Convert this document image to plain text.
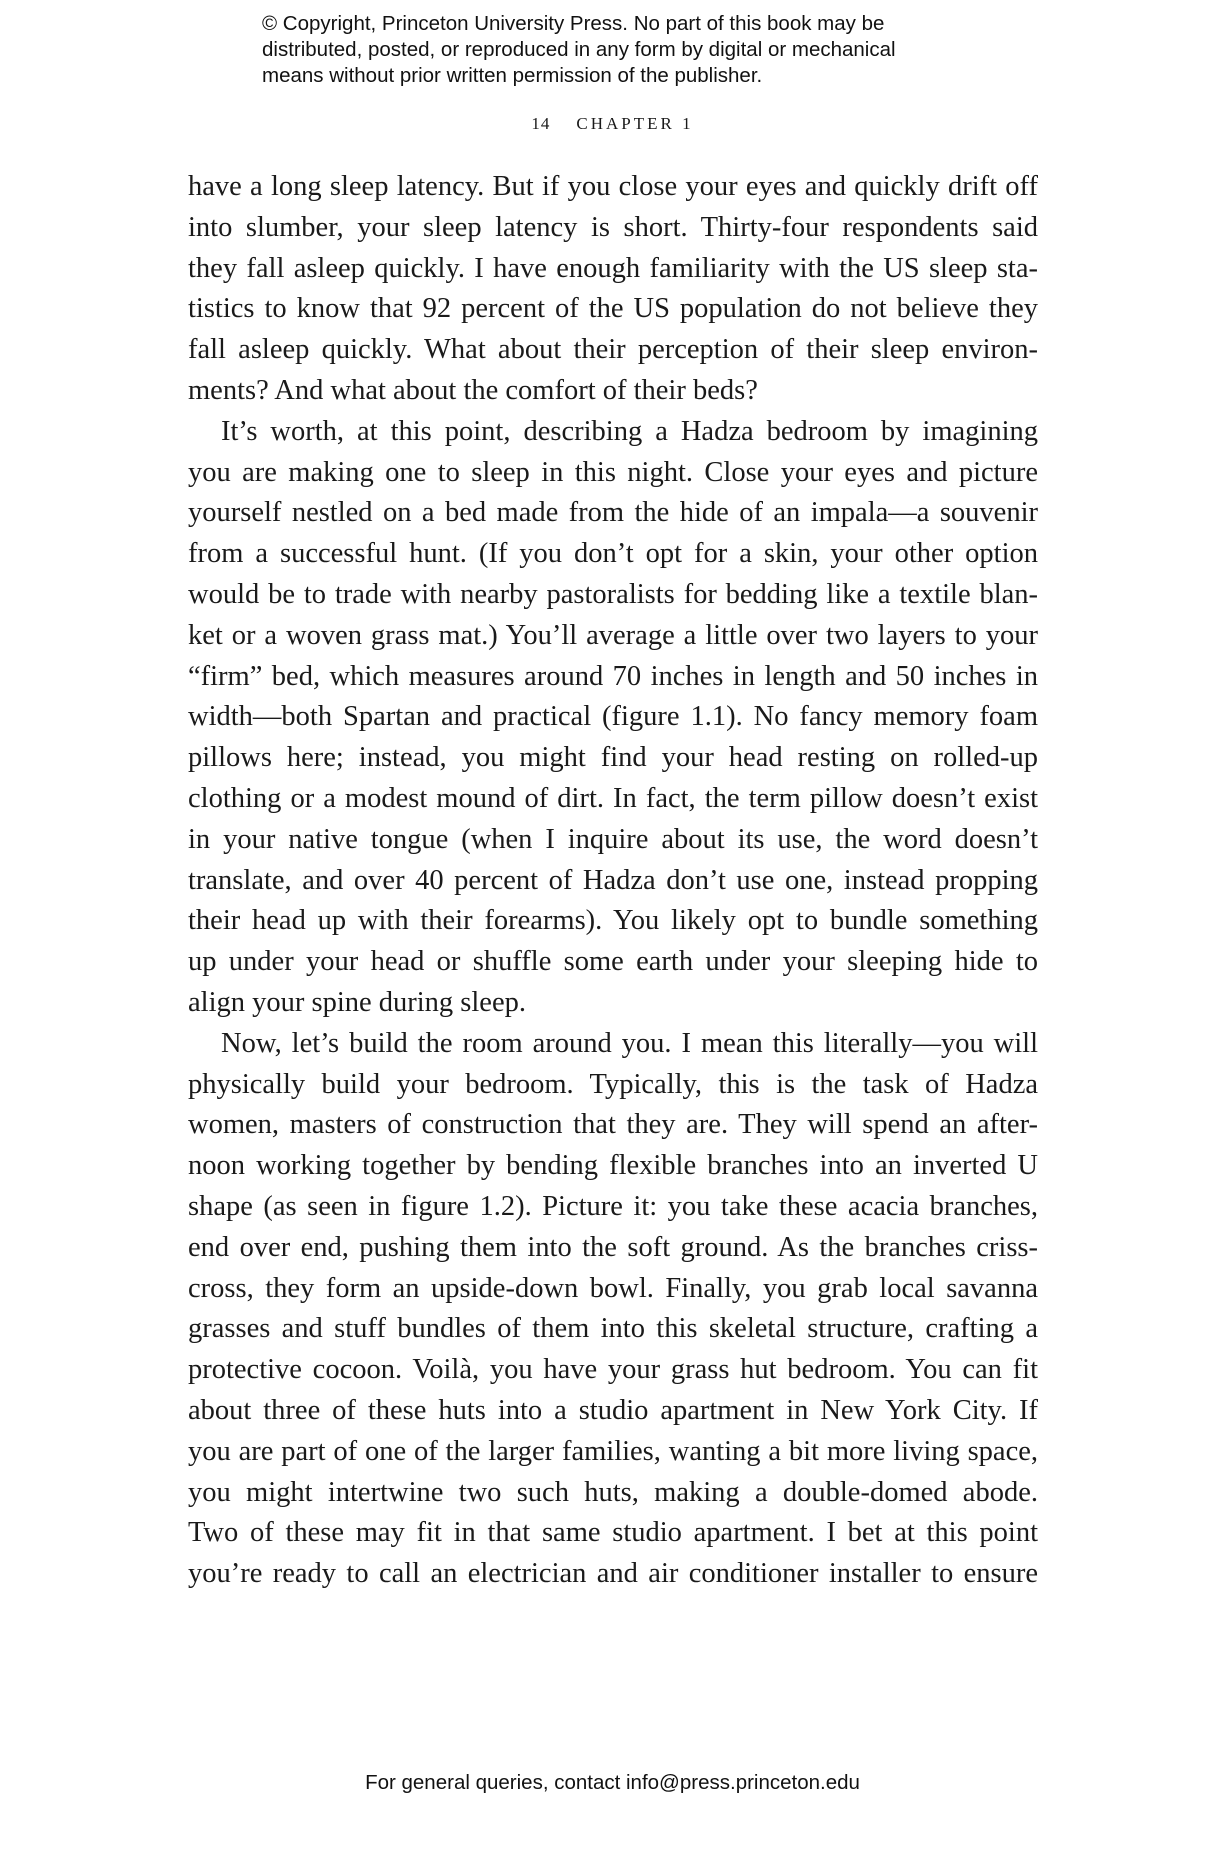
© Copyright, Princeton University Press. No part of this book may be
distributed, posted, or reproduced in any form by digital or mechanical
means without prior written permission of the publisher.
14 CHAPTER 1
have a long sleep latency. But if you close your eyes and quickly drift off
into slumber, your sleep latency is short. Thirty-four respondents said
they fall asleep quickly. I have enough familiarity with the US sleep sta-
tistics to know that 92 percent of the US population do not believe they
fall asleep quickly. What about their perception of their sleep environ-
ments? And what about the comfort of their beds?
It’s worth, at this point, describing a Hadza bedroom by imagining
you are making one to sleep in this night. Close your eyes and picture
yourself nestled on a bed made from the hide of an impala—a souvenir
from a successful hunt. (If you don’t opt for a skin, your other option
would be to trade with nearby pastoralists for bedding like a textile blan-
ket or a woven grass mat.) You’ll average a little over two layers to your
“firm” bed, which measures around 70 inches in length and 50 inches in
width—both Spartan and practical (figure 1.1). No fancy memory foam
pillows here; instead, you might find your head resting on rolled-up
clothing or a modest mound of dirt. In fact, the term pillow doesn’t exist
in your native tongue (when I inquire about its use, the word doesn’t
translate, and over 40 percent of Hadza don’t use one, instead propping
their head up with their forearms). You likely opt to bundle something
up under your head or shuffle some earth under your sleeping hide to
align your spine during sleep.
Now, let’s build the room around you. I mean this literally—you will
physically build your bedroom. Typically, this is the task of Hadza
women, masters of construction that they are. They will spend an after-
noon working together by bending flexible branches into an inverted U
shape (as seen in figure 1.2). Picture it: you take these acacia branches,
end over end, pushing them into the soft ground. As the branches criss-
cross, they form an upside-down bowl. Finally, you grab local savanna
grasses and stuff bundles of them into this skeletal structure, crafting a
protective cocoon. Voilà, you have your grass hut bedroom. You can fit
about three of these huts into a studio apartment in New York City. If
you are part of one of the larger families, wanting a bit more living space,
you might intertwine two such huts, making a double-domed abode.
Two of these may fit in that same studio apartment. I bet at this point
you’re ready to call an electrician and air conditioner installer to ensure
For general queries, contact info@press.princeton.edu
